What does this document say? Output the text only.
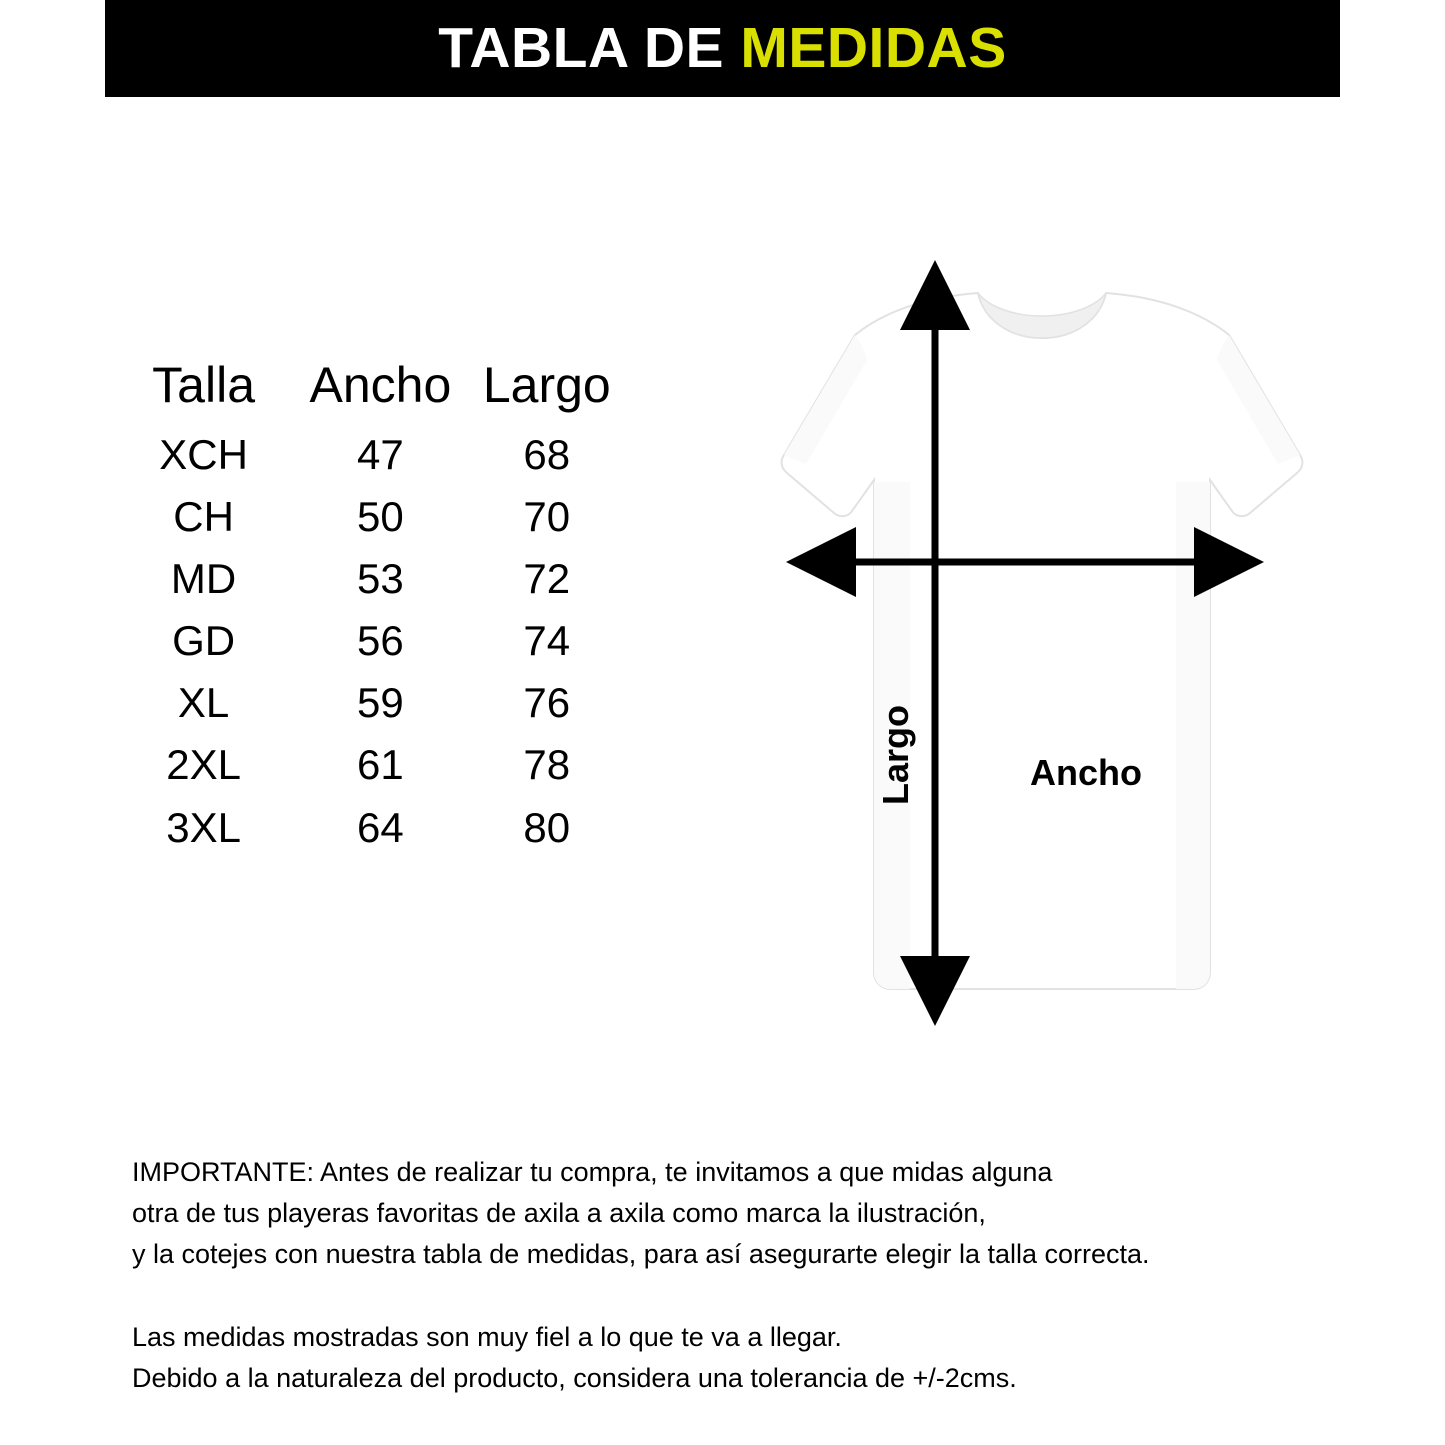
TABLA DE MEDIDAS
Talla	Ancho	Largo
XCH	47	68
CH	50	70
MD	53	72
GD	56	74
XL	59	76
2XL	61	78
3XL	64	80
Ancho
Largo

IMPORTANTE: Antes de realizar tu compra, te invitamos a que midas alguna

otra de tus playeras favoritas de axila a axila como marca la ilustración,

y la cotejes con nuestra tabla de medidas, para así asegurarte elegir la talla correcta.

Las medidas mostradas son muy fiel a lo que te va a llegar.

Debido a la naturaleza del producto, considera una tolerancia de +/-2cms.
